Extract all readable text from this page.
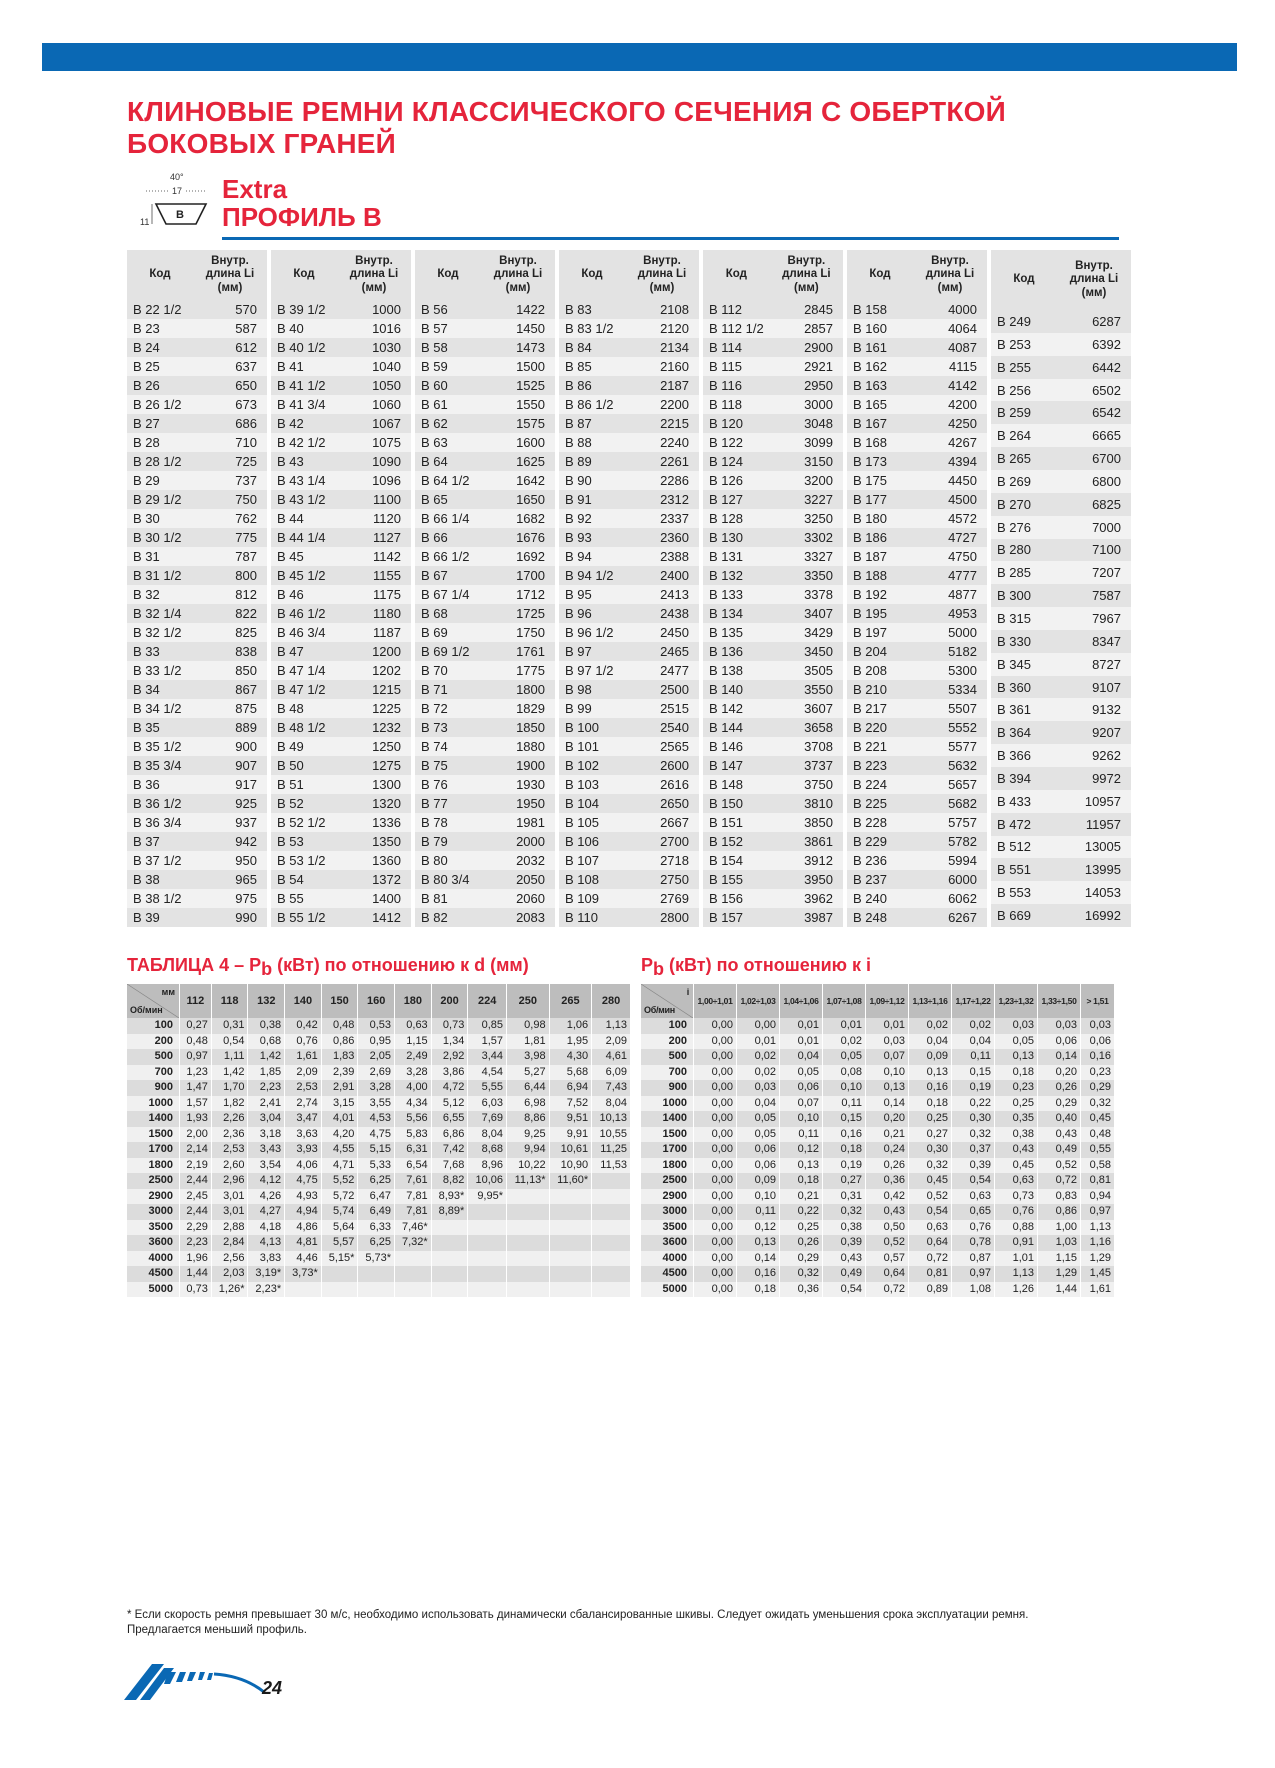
КЛИНОВЫЕ РЕМНИ КЛАССИЧЕСКОГО СЕЧЕНИЯ С ОБЕРТКОЙ БОКОВЫХ ГРАНЕЙ
40°
17
B
11
Extra
ПРОФИЛЬ В
Код	Внутр. длина Li (мм)
B 22 1/2	570
B 23	587
B 24	612
B 25	637
B 26	650
B 26 1/2	673
B 27	686
B 28	710
B 28 1/2	725
B 29	737
B 29 1/2	750
B 30	762
B 30 1/2	775
B 31	787
B 31 1/2	800
B 32	812
B 32 1/4	822
B 32 1/2	825
B 33	838
B 33 1/2	850
B 34	867
B 34 1/2	875
B 35	889
B 35 1/2	900
B 35 3/4	907
B 36	917
B 36 1/2	925
B 36 3/4	937
B 37	942
B 37 1/2	950
B 38	965
B 38 1/2	975
B 39	990
Код	Внутр. длина Li (мм)
B 39 1/2	1000
B 40	1016
B 40 1/2	1030
B 41	1040
B 41 1/2	1050
B 41 3/4	1060
B 42	1067
B 42 1/2	1075
B 43	1090
B 43 1/4	1096
B 43 1/2	1100
B 44	1120
B 44 1/4	1127
B 45	1142
B 45 1/2	1155
B 46	1175
B 46 1/2	1180
B 46 3/4	1187
B 47	1200
B 47 1/4	1202
B 47 1/2	1215
B 48	1225
B 48 1/2	1232
B 49	1250
B 50	1275
B 51	1300
B 52	1320
B 52 1/2	1336
B 53	1350
B 53 1/2	1360
B 54	1372
B 55	1400
B 55 1/2	1412
Код	Внутр. длина Li (мм)
B 56	1422
B 57	1450
B 58	1473
B 59	1500
B 60	1525
B 61	1550
B 62	1575
B 63	1600
B 64	1625
B 64 1/2	1642
B 65	1650
B 66 1/4	1682
B 66	1676
B 66 1/2	1692
B 67	1700
B 67 1/4	1712
B 68	1725
B 69	1750
B 69 1/2	1761
B 70	1775
B 71	1800
B 72	1829
B 73	1850
B 74	1880
B 75	1900
B 76	1930
B 77	1950
B 78	1981
B 79	2000
B 80	2032
B 80 3/4	2050
B 81	2060
B 82	2083
Код	Внутр. длина Li (мм)
B 83	2108
B 83 1/2	2120
B 84	2134
B 85	2160
B 86	2187
B 86 1/2	2200
B 87	2215
B 88	2240
B 89	2261
B 90	2286
B 91	2312
B 92	2337
B 93	2360
B 94	2388
B 94 1/2	2400
B 95	2413
B 96	2438
B 96 1/2	2450
B 97	2465
B 97 1/2	2477
B 98	2500
B 99	2515
B 100	2540
B 101	2565
B 102	2600
B 103	2616
B 104	2650
B 105	2667
B 106	2700
B 107	2718
B 108	2750
B 109	2769
B 110	2800
Код	Внутр. длина Li (мм)
B 112	2845
B 112 1/2	2857
B 114	2900
B 115	2921
B 116	2950
B 118	3000
B 120	3048
B 122	3099
B 124	3150
B 126	3200
B 127	3227
B 128	3250
B 130	3302
B 131	3327
B 132	3350
B 133	3378
B 134	3407
B 135	3429
B 136	3450
B 138	3505
B 140	3550
B 142	3607
B 144	3658
B 146	3708
B 147	3737
B 148	3750
B 150	3810
B 151	3850
B 152	3861
B 154	3912
B 155	3950
B 156	3962
B 157	3987
Код	Внутр. длина Li (мм)
B 158	4000
B 160	4064
B 161	4087
B 162	4115
B 163	4142
B 165	4200
B 167	4250
B 168	4267
B 173	4394
B 175	4450
B 177	4500
B 180	4572
B 186	4727
B 187	4750
B 188	4777
B 192	4877
B 195	4953
B 197	5000
B 204	5182
B 208	5300
B 210	5334
B 217	5507
B 220	5552
B 221	5577
B 223	5632
B 224	5657
B 225	5682
B 228	5757
B 229	5782
B 236	5994
B 237	6000
B 240	6062
B 248	6267
Код	Внутр. длина Li (мм)
B 249	6287
B 253	6392
B 255	6442
B 256	6502
B 259	6542
B 264	6665
B 265	6700
B 269	6800
B 270	6825
B 276	7000
B 280	7100
B 285	7207
B 300	7587
B 315	7967
B 330	8347
B 345	8727
B 360	9107
B 361	9132
B 364	9207
B 366	9262
B 394	9972
B 433	10957
B 472	11957
B 512	13005
B 551	13995
B 553	14053
B 669	16992
ТАБЛИЦА 4 – Pb (кВт) по отношению к d (мм)	Pb (кВт) по отношению к i
мм
Об/мин	112	118	132	140	150	160	180	200	224	250	265	280
100	0,27	0,31	0,38	0,42	0,48	0,53	0,63	0,73	0,85	0,98	1,06	1,13
200	0,48	0,54	0,68	0,76	0,86	0,95	1,15	1,34	1,57	1,81	1,95	2,09
500	0,97	1,11	1,42	1,61	1,83	2,05	2,49	2,92	3,44	3,98	4,30	4,61
700	1,23	1,42	1,85	2,09	2,39	2,69	3,28	3,86	4,54	5,27	5,68	6,09
900	1,47	1,70	2,23	2,53	2,91	3,28	4,00	4,72	5,55	6,44	6,94	7,43
1000	1,57	1,82	2,41	2,74	3,15	3,55	4,34	5,12	6,03	6,98	7,52	8,04
1400	1,93	2,26	3,04	3,47	4,01	4,53	5,56	6,55	7,69	8,86	9,51	10,13
1500	2,00	2,36	3,18	3,63	4,20	4,75	5,83	6,86	8,04	9,25	9,91	10,55
1700	2,14	2,53	3,43	3,93	4,55	5,15	6,31	7,42	8,68	9,94	10,61	11,25
1800	2,19	2,60	3,54	4,06	4,71	5,33	6,54	7,68	8,96	10,22	10,90	11,53
2500	2,44	2,96	4,12	4,75	5,52	6,25	7,61	8,82	10,06	11,13*	11,60*	
2900	2,45	3,01	4,26	4,93	5,72	6,47	7,81	8,93*	9,95*			
3000	2,44	3,01	4,27	4,94	5,74	6,49	7,81	8,89*				
3500	2,29	2,88	4,18	4,86	5,64	6,33	7,46*					
3600	2,23	2,84	4,13	4,81	5,57	6,25	7,32*					
4000	1,96	2,56	3,83	4,46	5,15*	5,73*						
4500	1,44	2,03	3,19*	3,73*								
5000	0,73	1,26*	2,23*									
i
Об/мин	1,00÷1,01	1,02÷1,03	1,04÷1,06	1,07÷1,08	1,09÷1,12	1,13÷1,16	1,17÷1,22	1,23÷1,32	1,33÷1,50	> 1,51
100	0,00	0,00	0,01	0,01	0,01	0,02	0,02	0,03	0,03	0,03
200	0,00	0,01	0,01	0,02	0,03	0,04	0,04	0,05	0,06	0,06
500	0,00	0,02	0,04	0,05	0,07	0,09	0,11	0,13	0,14	0,16
700	0,00	0,02	0,05	0,08	0,10	0,13	0,15	0,18	0,20	0,23
900	0,00	0,03	0,06	0,10	0,13	0,16	0,19	0,23	0,26	0,29
1000	0,00	0,04	0,07	0,11	0,14	0,18	0,22	0,25	0,29	0,32
1400	0,00	0,05	0,10	0,15	0,20	0,25	0,30	0,35	0,40	0,45
1500	0,00	0,05	0,11	0,16	0,21	0,27	0,32	0,38	0,43	0,48
1700	0,00	0,06	0,12	0,18	0,24	0,30	0,37	0,43	0,49	0,55
1800	0,00	0,06	0,13	0,19	0,26	0,32	0,39	0,45	0,52	0,58
2500	0,00	0,09	0,18	0,27	0,36	0,45	0,54	0,63	0,72	0,81
2900	0,00	0,10	0,21	0,31	0,42	0,52	0,63	0,73	0,83	0,94
3000	0,00	0,11	0,22	0,32	0,43	0,54	0,65	0,76	0,86	0,97
3500	0,00	0,12	0,25	0,38	0,50	0,63	0,76	0,88	1,00	1,13
3600	0,00	0,13	0,26	0,39	0,52	0,64	0,78	0,91	1,03	1,16
4000	0,00	0,14	0,29	0,43	0,57	0,72	0,87	1,01	1,15	1,29
4500	0,00	0,16	0,32	0,49	0,64	0,81	0,97	1,13	1,29	1,45
5000	0,00	0,18	0,36	0,54	0,72	0,89	1,08	1,26	1,44	1,61
* Если скорость ремня превышает 30 м/с, необходимо использовать динамически сбалансированные шкивы. Следует ожидать уменьшения срока эксплуатации ремня. Предлагается меньший профиль.
24
